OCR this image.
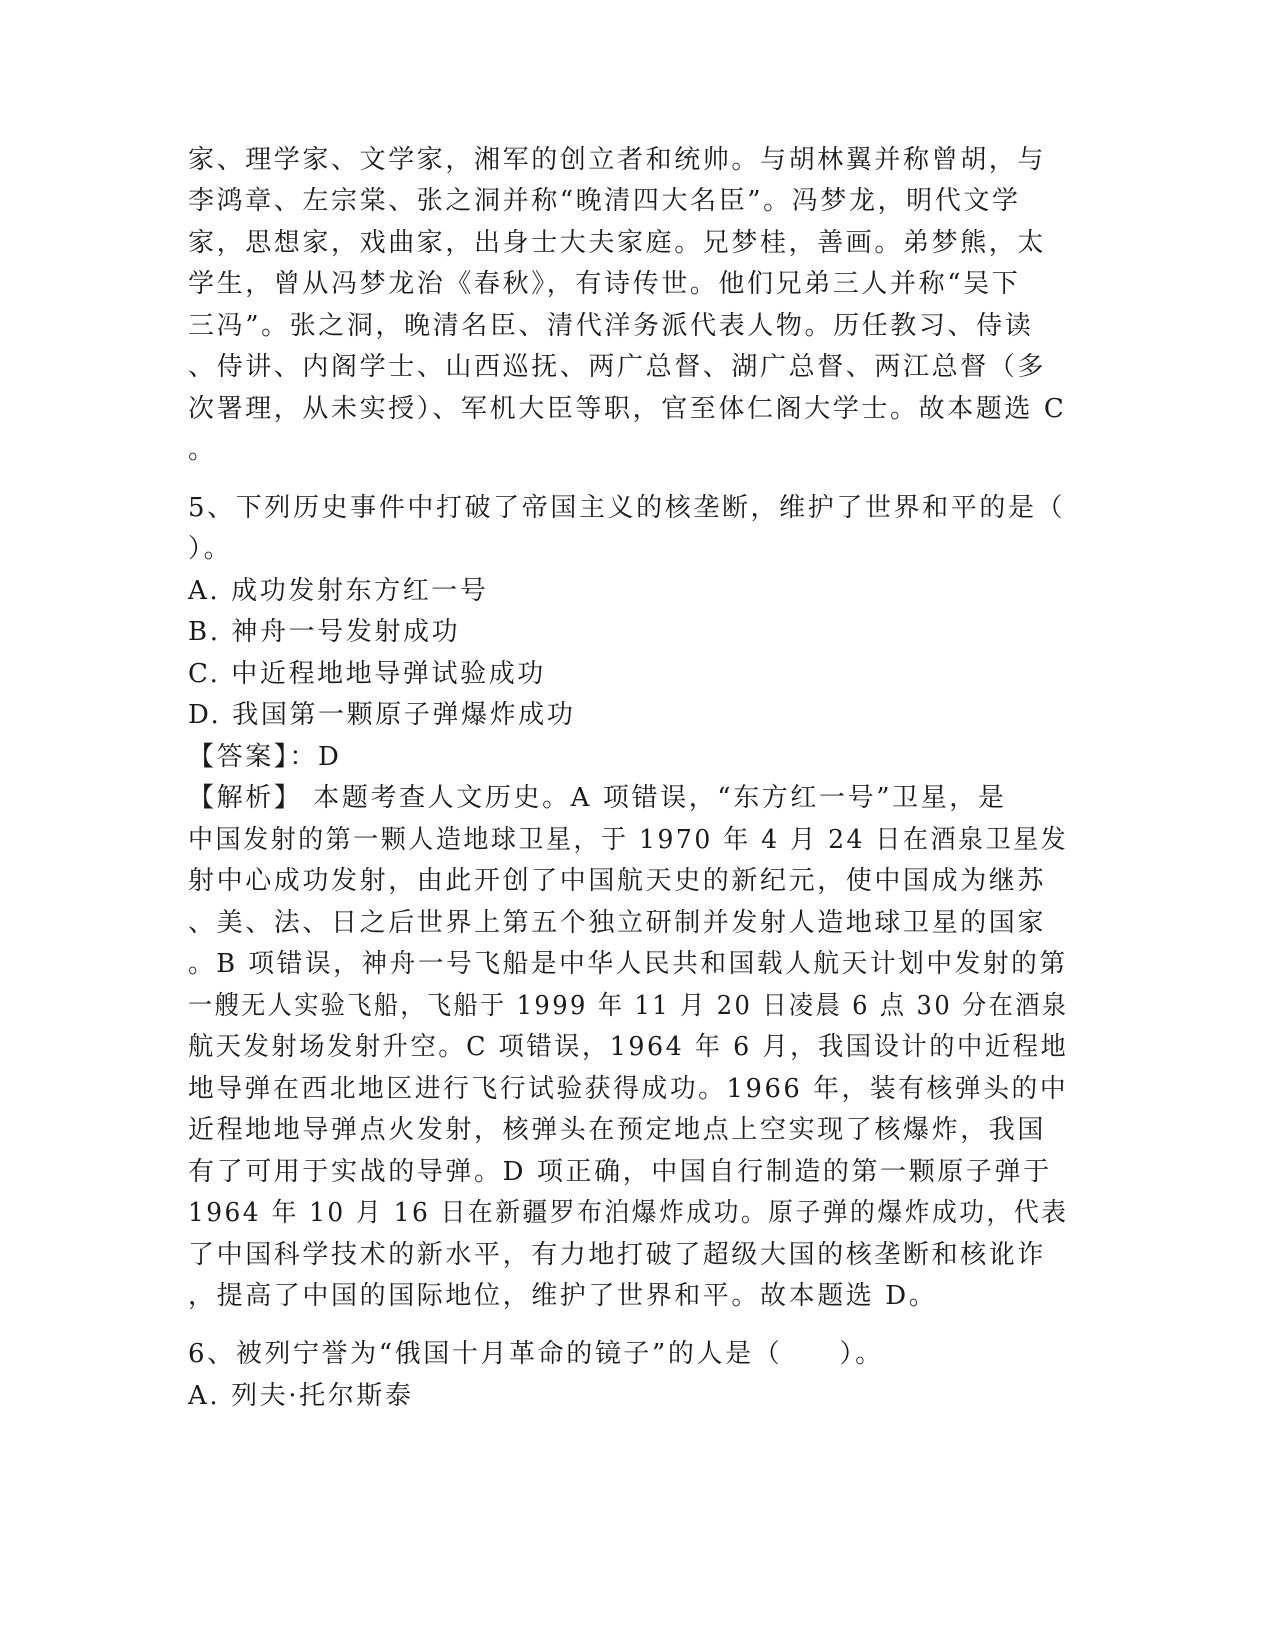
家、理学家、文学家，湘军的创立者和统帅。与胡林翼并称曾胡，与
李鸿章、左宗棠、张之洞并称“晚清四大名臣”。冯梦龙，明代文学
家，思想家，戏曲家，出身士大夫家庭。兄梦桂，善画。弟梦熊，太
学生，曾从冯梦龙治《春秋》，有诗传世。他们兄弟三人并称“吴下
三冯”。张之洞，晚清名臣、清代洋务派代表人物。历任教习、侍读
、侍讲、内阁学士、山西巡抚、两广总督、湖广总督、两江总督（多
次署理，从未实授）、军机大臣等职，官至体仁阁大学士。故本题选 C
。
5、下列历史事件中打破了帝国主义的核垄断，维护了世界和平的是（
）。
A. 成功发射东方红一号
B. 神舟一号发射成功
C. 中近程地地导弹试验成功
D. 我国第一颗原子弹爆炸成功
【答案】：D
【解析】 本题考查人文历史。A 项错误，“东方红一号”卫星，是
中国发射的第一颗人造地球卫星，于 1970 年 4 月 24 日在酒泉卫星发
射中心成功发射，由此开创了中国航天史的新纪元，使中国成为继苏
、美、法、日之后世界上第五个独立研制并发射人造地球卫星的国家
。B 项错误，神舟一号飞船是中华人民共和国载人航天计划中发射的第
一艘无人实验飞船，飞船于 1999 年 11 月 20 日凌晨 6 点 30 分在酒泉
航天发射场发射升空。C 项错误，1964 年 6 月，我国设计的中近程地
地导弹在西北地区进行飞行试验获得成功。1966 年，装有核弹头的中
近程地地导弹点火发射，核弹头在预定地点上空实现了核爆炸，我国
有了可用于实战的导弹。D 项正确，中国自行制造的第一颗原子弹于
1964 年 10 月 16 日在新疆罗布泊爆炸成功。原子弹的爆炸成功，代表
了中国科学技术的新水平，有力地打破了超级大国的核垄断和核讹诈
，提高了中国的国际地位，维护了世界和平。故本题选 D。
6、被列宁誉为“俄国十月革命的镜子”的人是（　　）。
A. 列夫·托尔斯泰
